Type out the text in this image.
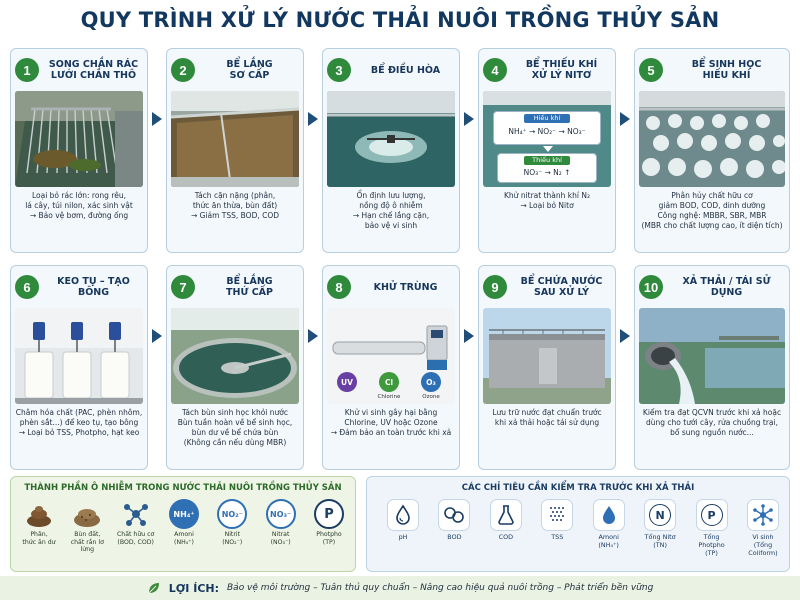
QUY TRÌNH XỬ LÝ NƯỚC THẢI NUÔI TRỒNG THỦY SẢN
1	SONG CHẮN RÁC
LƯỚI CHẮN THÔ
Loại bỏ rác lớn: rong rêu,
lá cây, túi nilon, xác sinh vật
→ Bảo vệ bơm, đường ống
2	BỂ LẮNG
SƠ CẤP
Tách cặn nặng (phân,
thức ăn thừa, bùn đất)
→ Giảm TSS, BOD, COD
3	BỂ ĐIỀU HÒA
Ổn định lưu lượng,
nồng độ ô nhiễm
→ Hạn chế lắng cặn,
bảo vệ vi sinh
4	BỂ THIẾU KHÍ
XỬ LÝ NITƠ
Hiếu khí
NH₄⁺ → NO₂⁻ → NO₃⁻
Thiếu khí
NO₃⁻ → N₂ ↑
Khử nitrat thành khí N₂
→ Loại bỏ Nitơ
5	BỂ SINH HỌC
HIẾU KHÍ
Phân hủy chất hữu cơ
giảm BOD, COD, dinh dưỡng
Công nghệ: MBBR, SBR, MBR
(MBR cho chất lượng cao, ít diện tích)
6	KEO TỤ – TẠO BÔNG
Châm hóa chất (PAC, phèn nhôm,
phèn sắt...) để keo tụ, tạo bông
→ Loại bỏ TSS, Photpho, hạt keo
7	BỂ LẮNG
THỨ CẤP
Tách bùn sinh học khỏi nước
Bùn tuần hoàn về bể sinh học,
bùn dư về bể chứa bùn
(Không cần nếu dùng MBR)
8	KHỬ TRÙNG
UV	Cl	O₃
Chlorine	Ozone
Khử vi sinh gây hại bằng
Chlorine, UV hoặc Ozone
→ Đảm bảo an toàn trước khi xả
9	BỂ CHỨA NƯỚC
SAU XỬ LÝ
Lưu trữ nước đạt chuẩn trước
khi xả thải hoặc tái sử dụng
10	XẢ THẢI / TÁI SỬ DỤNG
Kiểm tra đạt QCVN trước khi xả hoặc
dùng cho tưới cây, rửa chuồng trại,
bổ sung nguồn nước...
THÀNH PHẦN Ô NHIỄM TRONG NƯỚC THẢI NUÔI TRỒNG THỦY SẢN
Phân,
thức ăn dư
Bùn đất,
chất rắn lơ lửng
Chất hữu cơ
(BOD, COD)
NH₄⁺
Amoni
(NH₄⁺)
NO₂⁻
Nitrit
(NO₂⁻)
NO₃⁻
Nitrat
(NO₃⁻)
P
Photpho
(TP)
CÁC CHỈ TIÊU CẦN KIỂM TRA TRƯỚC KHI XẢ THẢI
pH	BOD	COD	TSS	Amoni
(NH₄⁺)
N
Tổng Nitơ
(TN)
P
Tổng Photpho
(TP)
Vi sinh
(Tổng Coliform)
LỢI ÍCH: Bảo vệ môi trường – Tuân thủ quy chuẩn – Nâng cao hiệu quả nuôi trồng – Phát triển bền vững
